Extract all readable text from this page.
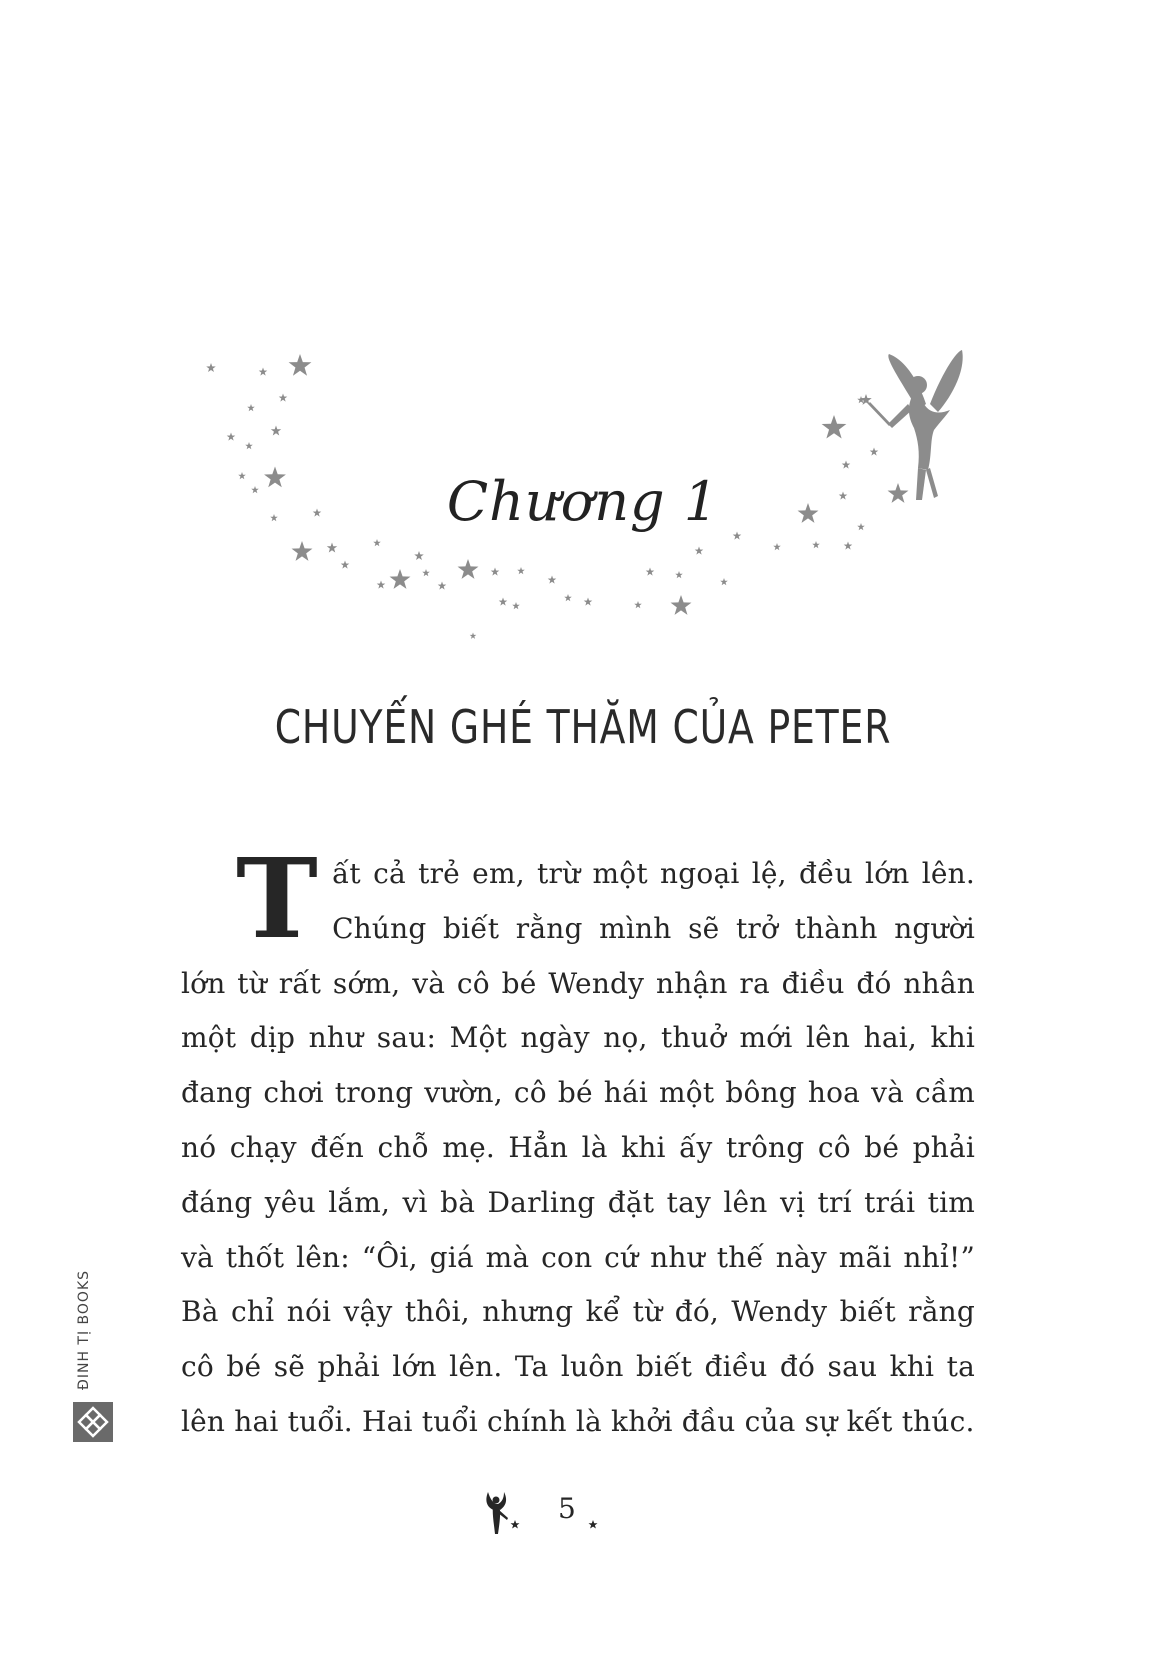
Chương 1
CHUYẾN GHÉ THĂM CỦA PETER
Tất cả trẻ em, trừ một ngoại lệ, đều lớn lên. Chúng biết rằng mình sẽ trở thành người lớn từ rất sớm, và cô bé Wendy nhận ra điều đó nhân một dịp như sau: Một ngày nọ, thuở mới lên hai, khi đang chơi trong vườn, cô bé hái một bông hoa và cầm nó chạy đến chỗ mẹ. Hẳn là khi ấy trông cô bé phải đáng yêu lắm, vì bà Darling đặt tay lên vị trí trái tim và thốt lên: “Ôi, giá mà con cứ như thế này mãi nhỉ!” Bà chỉ nói vậy thôi, nhưng kể từ đó, Wendy biết rằng cô bé sẽ phải lớn lên. Ta luôn biết điều đó sau khi ta lên hai tuổi. Hai tuổi chính là khởi đầu của sự kết thúc.
ĐINH TỊ BOOKS
5
